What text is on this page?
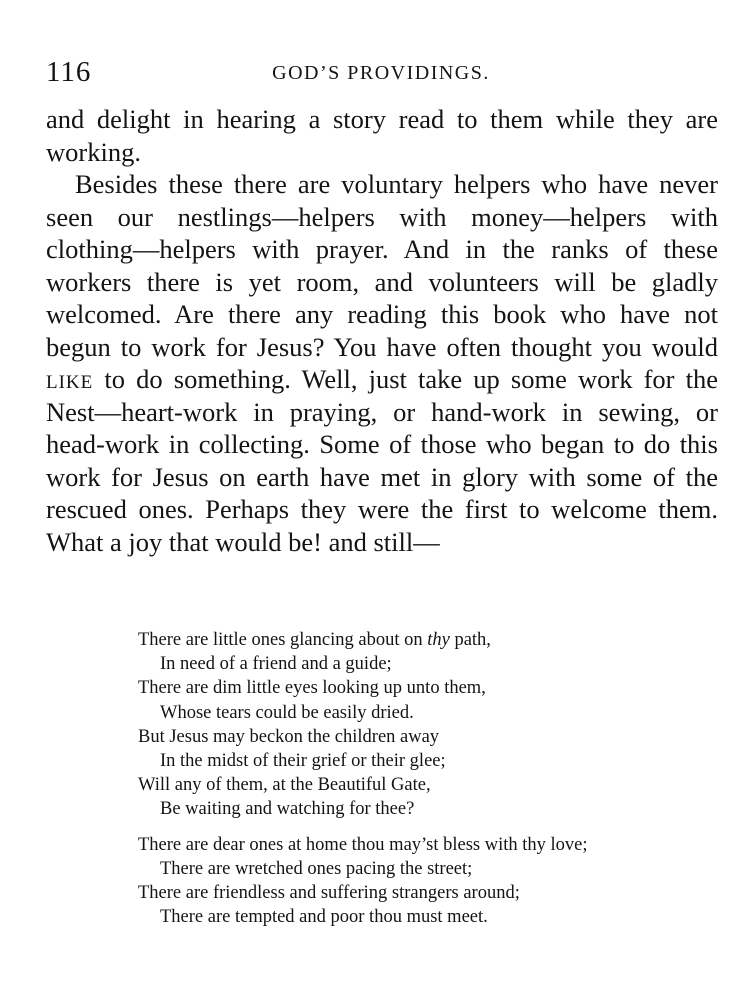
116	GOD’S PROVIDINGS.

and delight in hearing a story read to them while they are working.

Besides these there are voluntary helpers who have never seen our nestlings—helpers with money—helpers with clothing—helpers with prayer. And in the ranks of these workers there is yet room, and volunteers will be gladly welcomed. Are there any reading this book who have not begun to work for Jesus? You have often thought you would like to do something. Well, just take up some work for the Nest—heart-work in praying, or hand-work in sewing, or head-work in collecting. Some of those who began to do this work for Jesus on earth have met in glory with some of the rescued ones. Perhaps they were the first to welcome them. What a joy that would be! and still—

There are little ones glancing about on thy path,
In need of a friend and a guide;
There are dim little eyes looking up unto them,
Whose tears could be easily dried.
But Jesus may beckon the children away
In the midst of their grief or their glee;
Will any of them, at the Beautiful Gate,
Be waiting and watching for thee?
There are dear ones at home thou may’st bless with thy love;
There are wretched ones pacing the street;
There are friendless and suffering strangers around;
There are tempted and poor thou must meet.
